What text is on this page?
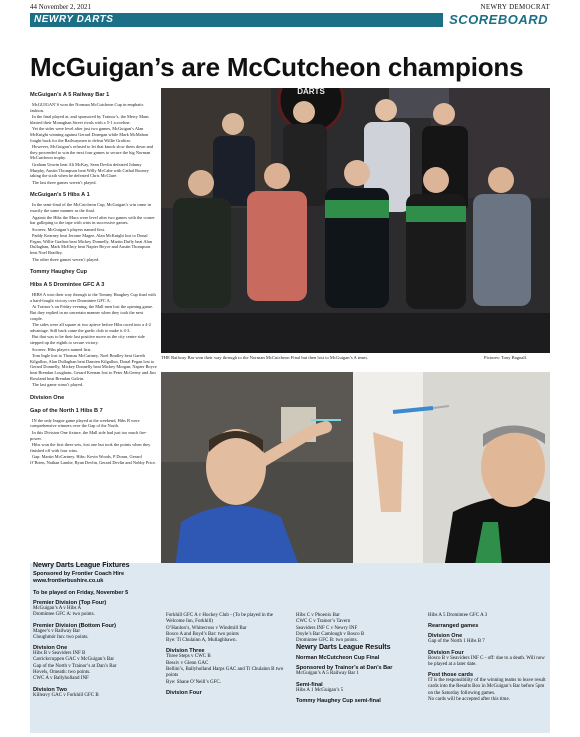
44 November 2, 2021	NEWRY DEMOCRAT
NEWRY DARTS	SCOREBOARD
McGuigan’s are McCutcheon champions
McGuigan’s A 5 Railway Bar 1

McGUIGAN’S won the Norman McCutcheon Cup in emphatic fashion.

In the final played at, and sponsored by Trainor’s, the Merry Mans blasted their Monaghan Street rivals with a 5-1 scoreline.

Yet the sides were level after just two games, McGuigan’s Alan McKnight winning against Gerard Donegan while Mark McMahon fought back for the Railwaymen to defeat Willie Grafton.

However, McGuigan’s refused to let that knock slow them down and they proceeded to win the next four games to secure the big Norman McCutcheon trophy.

Graham Unwin beat Ali McKay, Sean Devlin defeated Johnny Murphy, Austin Thompson beat Willy McCabe with Cathal Rooney taking the sixth when he defeated Chris McClure.

The last three games weren’t played.

McGuigan’s 5 Hibs A 1

In the semi-final of the McCutcheon Cup, McGuigan’s win came in exactly the same manner as the final.

Against the Hibs the Macs were level after two games with the corner bar galloping to the tape with wins in successive games.

Scorers: McGuigan’s players named first.

Paddy Kearney beat Jerome Magee, Alan McKnight lost to Donal Fegan, Willie Grafton beat Mickey Donnelly, Martin Duffy beat Alan Dullaghan, Mark McElroy beat Napier Boyce and Austin Thompson beat Noel Bradley.

The other three games weren’t played.

Tommy Haughey Cup
Hibs A 5 Dromintee GFC A 3

HIBS A won their way through to the Tommy Haughey Cup final with a hard-fought victory over Dromintee GFC A.

At Trainor’s on Friday evening, the Mall men lost the opening game. But they replied in no uncertain manner when they took the next couple.

The sides were all square at two apiece before Hibs raced into a 4-2 advantage. Still back came the gaelic club to make it 4-3.

But that was to be their last positive move as the city centre side stepped up the eighth to secure victory.

Scorers: Hibs players named first.

Tom Ingle lost to Thomas McCartney, Noel Bradley beat Gareth Kilgallon, Alan Dullaghan beat Damien Kilgallon, Donal Fegan lost to Gerard Donnelly, Mickey Donnelly beat Mickey Morgan, Napier Boyce beat Brendan Loughran, Gerard Keenan lost to Peter McGeeny and Jim Rowland beat Brendan Galvin.

The last game wasn’t played.

Division One
Gap of the North 1 Hibs B 7

IN the only league game played at the weekend, Hibs B were comprehensive winners over the Gap of the North.

In this Division One fixture, the Mall side had just too much fire-power.

Hibs won the first three sets, lost one but took the points when they finished off with four wins.

Gap: Martin McCartney. Hibs: Kevin Woods, P Doran, Gerard O’Brien, Nathan Lambe, Ryan Devlin, Gerard Devlin and Nobby Price.

DARTS
THE Railway Bar won their way through to the Norman McCutcheon Final but then lost to McGuigan’s A team.	Pictures: Tony Bagnall.
Newry Darts League Fixtures
Sponsored by Frontier Coach Hire
www.frontierbushire.co.uk
To be played on Friday, November 5
Premier Division (Top Four)
McGuigan’s A v Hibs A
Dromintee GFC A: two points.
Premier Division (Bottom Four)
Magee’s v Railway Bar
Cloughmór Inn: two points.
Division One
Hibs B v Seaviders INF B
Carrickcruppen GAC v McGuigan’s Bar
Gap of the North v Trainor’s at Dan’s Bar
Hovels, Omeath: two points.
CWC A v Ballyholland INF
Division Two
Killeavy GAC v Forkhill GFC B
Forkhill GFC A v Hockey Club - (To be played in the Welcome Inn, Forkhill)
O’Hanlon’s, Whitecross v Windmill Bar
Bosco A and Boyd’s Bar: two points
Bye: Tí Chulainn A, Mullaghbawn.
Division Three
Three Steps v CWC B
Bessiv v Glenn GAC
Bellini’s, Ballyholland Harps GAC and Tí Chulainn B two points
Bye: Shane O’Neill’s GFC.
Division Four
Hibs C v Phoenix Bar
CWC C v Trainor’s Tavern
Seaviders INF C v Newry INF
Doyle’s Bar Camlough v Bosco B
Dromintee GFC B: two points.
Newry Darts League Results
Norman McCutcheon Cup Final
Sponsored by Trainor’s at Dan’s Bar
McGuigan’s A 5 Railway Bar 1
Semi-final
Hibs A 1 McGuigan’s 5
Tommy Haughey Cup semi-final
Hibs A 5 Dromintee GFC A 3
Rearranged games
Division One
Gap of the North 1 Hibs B 7
Division Four
Bosco B v Seaviders INF C - off: due to a death. Will now be played at a later date.
Post those cards
IT is the responsibility of the winning teams to leave result cards into the Results Box in McGuigan’s Bar before 5pm on the Saturday following games.
No cards will be accepted after this time.
